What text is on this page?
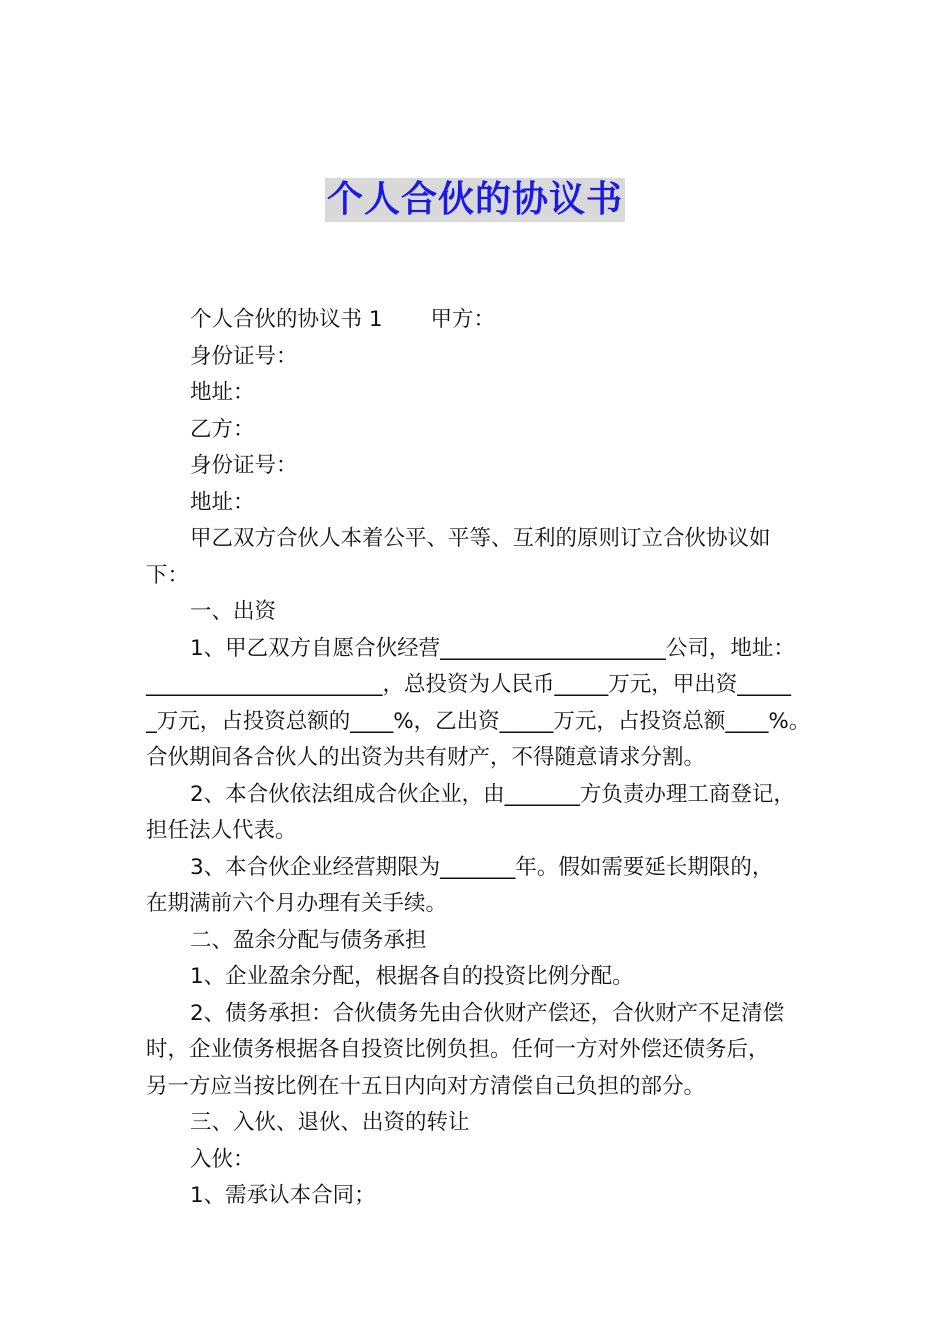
个人合伙的协议书
个人合伙的协议书 1 甲方：
身份证号：
地址：
乙方：
身份证号：
地址：
甲乙双方合伙人本着公平、平等、互利的原则订立合伙协议如
下：
一、出资
1、甲乙双方自愿合伙经营_____________________公司，地址：
______________________，总投资为人民币_____万元，甲出资_____
_万元，占投资总额的____%，乙出资_____万元，占投资总额____%。
合伙期间各合伙人的出资为共有财产，不得随意请求分割。
2、本合伙依法组成合伙企业，由_______方负责办理工商登记，
担任法人代表。
3、本合伙企业经营期限为_______年。假如需要延长期限的，
在期满前六个月办理有关手续。
二、盈余分配与债务承担
1、企业盈余分配，根据各自的投资比例分配。
2、债务承担：合伙债务先由合伙财产偿还，合伙财产不足清偿
时，企业债务根据各自投资比例负担。任何一方对外偿还债务后，
另一方应当按比例在十五日内向对方清偿自己负担的部分。
三、入伙、退伙、出资的转让
入伙：
1、需承认本合同；
